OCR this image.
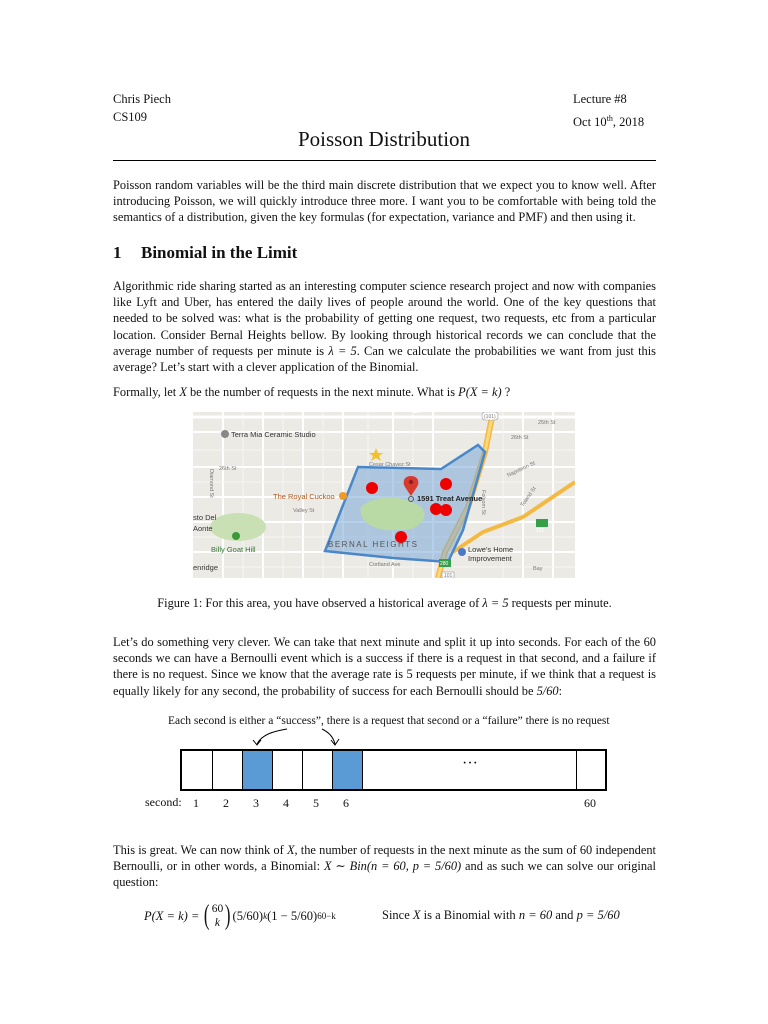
Chris Piech
CS109
Lecture #8
Oct 10th, 2018
Poisson Distribution

Poisson random variables will be the third main discrete distribution that we expect you to know well. After introducing Poisson, we will quickly introduce three more. I want you to be comfortable with being told the semantics of a distribution, given the key formulas (for expectation, variance and PMF) and then using it.

1 Binomial in the Limit

Algorithmic ride sharing started as an interesting computer science research project and now with companies like Lyft and Uber, has entered the daily lives of people around the world. One of the key questions that needed to be solved was: what is the probability of getting one request, two requests, etc from a particular location. Consider Bernal Heights bellow. By looking through historical records we can conclude that the average number of requests per minute is λ = 5. Can we calculate the probabilities we want from just this average? Let’s start with a clever application of the Binomial.

Formally, let X be the number of requests in the next minute. What is P(X = k) ?

Terra Mia Ceramic Studio
The Royal Cuckoo	1591 Treat Avenue
Lowe's Home
Improvement
Billy Goat Hill
sto Del
Aonte
enridge
BERNAL HEIGHTS
25th St
26th St
26th St
Cesar Chavez St
Valley St
Cortland Ave
101
280
(101)
101
Bay
Folsom St
Napoleon St
Toland St
Diamond St
Figure 1: For this area, you have observed a historical average of λ = 5 requests per minute.

Let’s do something very clever. We can take that next minute and split it up into seconds. For each of the 60 seconds we can have a Bernoulli event which is a success if there is a request in that second, and a failure if there is no request. Since we know that the average rate is 5 requests per minute, if we think that a request is equally likely for any second, the probability of success for each Bernoulli should be 5/60:

Each second is either a “success”, there is a request that second or a “failure” there is no request
···
second: 1 2 3 4 5 6	60

This is great. We can now think of X, the number of requests in the next minute as the sum of 60 independent Bernoulli, or in other words, a Binomial: X ∼ Bin(n = 60, p = 5/60) and as such we can solve our original question:

P(X = k) = ( 60
k ) (5/60) k (1 − 5/60) 60−k	Since X is a Binomial with n = 60 and p = 5/60
